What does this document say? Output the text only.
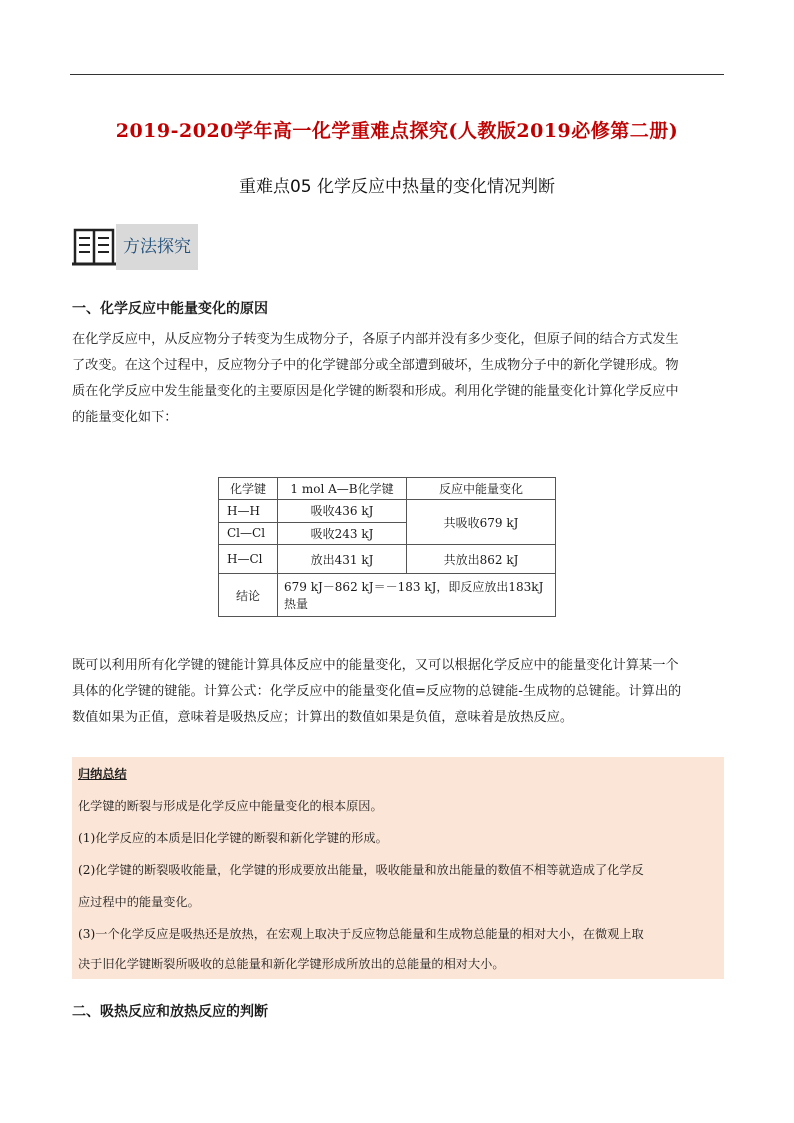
2019-2020学年高一化学重难点探究(人教版2019必修第二册)
重难点05 化学反应中热量的变化情况判断
方法探究
一、化学反应中能量变化的原因
在化学反应中，从反应物分子转变为生成物分子，各原子内部并没有多少变化，但原子间的结合方式发生
了改变。在这个过程中，反应物分子中的化学键部分或全部遭到破坏，生成物分子中的新化学键形成。物
质在化学反应中发生能量变化的主要原因是化学键的断裂和形成。利用化学键的能量变化计算化学反应中
的能量变化如下：
化学键	1 mol A—B化学键	反应中能量变化
H—H	吸收436 kJ	共吸收679 kJ
Cl—Cl	吸收243 kJ	
H—Cl	放出431 kJ	共放出862 kJ
结论	679 kJ－862 kJ＝－183 kJ，即反应放出183kJ热量	
既可以利用所有化学键的键能计算具体反应中的能量变化，又可以根据化学反应中的能量变化计算某一个
具体的化学键的键能。计算公式：化学反应中的能量变化值=反应物的总键能-生成物的总键能。计算出的
数值如果为正值，意味着是吸热反应；计算出的数值如果是负值，意味着是放热反应。
归纳总结
化学键的断裂与形成是化学反应中能量变化的根本原因。
(1)化学反应的本质是旧化学键的断裂和新化学键的形成。
(2)化学键的断裂吸收能量，化学键的形成要放出能量，吸收能量和放出能量的数值不相等就造成了化学反
应过程中的能量变化。
(3)一个化学反应是吸热还是放热，在宏观上取决于反应物总能量和生成物总能量的相对大小，在微观上取
决于旧化学键断裂所吸收的总能量和新化学键形成所放出的总能量的相对大小。
二、吸热反应和放热反应的判断
